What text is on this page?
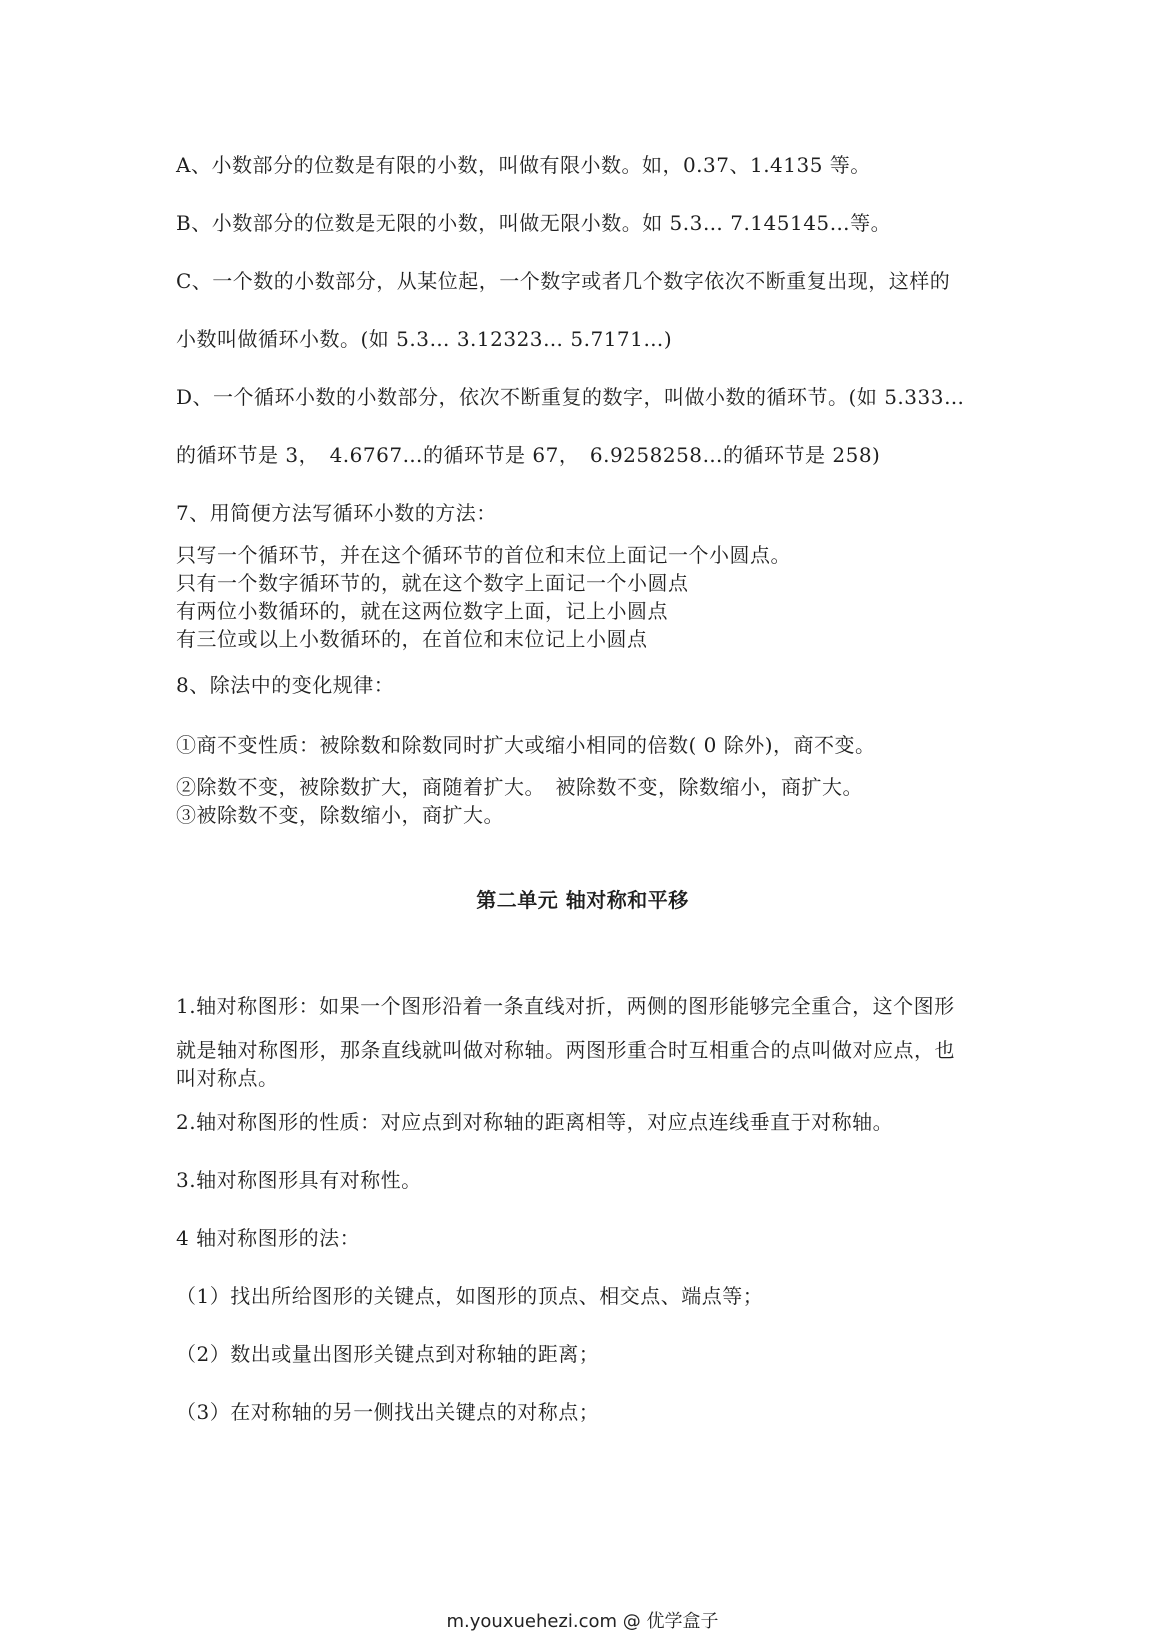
A、小数部分的位数是有限的小数，叫做有限小数。如，0.37、1.4135 等。
B、小数部分的位数是无限的小数，叫做无限小数。如 5.3… 7.145145…等。
C、一个数的小数部分，从某位起，一个数字或者几个数字依次不断重复出现，这样的
小数叫做循环小数。(如 5.3… 3.12323… 5.7171…)
D、一个循环小数的小数部分，依次不断重复的数字，叫做小数的循环节。(如 5.333…
的循环节是 3，　4.6767…的循环节是 67，　6.9258258…的循环节是 258)
7、用简便方法写循环小数的方法：
只写一个循环节，并在这个循环节的首位和末位上面记一个小圆点。
只有一个数字循环节的，就在这个数字上面记一个小圆点
有两位小数循环的，就在这两位数字上面，记上小圆点
有三位或以上小数循环的，在首位和末位记上小圆点
8、除法中的变化规律：
①商不变性质：被除数和除数同时扩大或缩小相同的倍数( 0 除外)，商不变。
②除数不变，被除数扩大，商随着扩大。　被除数不变，除数缩小，商扩大。
③被除数不变，除数缩小，商扩大。
第二单元 轴对称和平移
1.轴对称图形：如果一个图形沿着一条直线对折，两侧的图形能够完全重合，这个图形
就是轴对称图形，那条直线就叫做对称轴。两图形重合时互相重合的点叫做对应点，也
叫对称点。
2.轴对称图形的性质：对应点到对称轴的距离相等，对应点连线垂直于对称轴。
3.轴对称图形具有对称性。
4 轴对称图形的法：
（1）找出所给图形的关键点，如图形的顶点、相交点、端点等；
（2）数出或量出图形关键点到对称轴的距离；
（3）在对称轴的另一侧找出关键点的对称点；
m.youxuehezi.com @ 优学盒子
